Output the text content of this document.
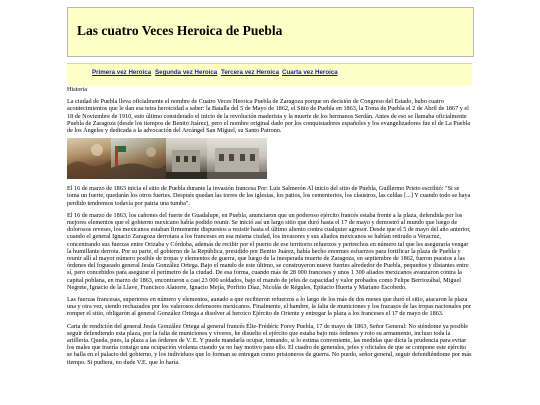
Las cuatro Veces Heroica de Puebla
Primera vez Heroica Segunda vez Heroica Tercera vez Heroica Cuarta vez Heroica

Historia

La ciudad de Puebla lleva oficialmente el nombre de Cuatro Veces Heroica Puebla de Zaragoza porque en decisión de Congreso del Estado, hubo cuatro acontecimientos que le dan esa tetra heroicidad a saber: la Batalla del 5 de Mayo de 1862, el Sitio de Puebla en 1863, la Toma de Puebla el 2 de Abril de 1867 y el 18 de Noviembre de 1910, esto último considerado el inicio de la revolución maderista y la muerte de los hermanos Serdán. Antes de eso se llamaba oficialmente Puebla de Zaragoza (desde los tiempos de Benito Juárez), pero el nombre original dado por los conquistadores españoles y los evangelizadores fue el de La Puebla de los Ángeles y dedicada a la advocación del Arcángel San Miguel, su Santo Patrono.

El 16 de marzo de 1863 inicia el sitio de Puebla durante la invasión francesa Por: Luis Salmerón Al inicio del sitio de Puebla, Guillermo Prieto escribió: "Si se toma un fuerte, quedarán los otros fuertes. Después quedan las torres de las iglesias, los patios, los cementerios, los claustros, las celdas [...] Y cuando todo se haya perdido tendremos todavía por patria una tumba".

El 16 de marzo de 1863, los cañones del fuerte de Guadalupe, en Puebla, anunciaron que un poderoso ejército francés estaba frente a la plaza, defendida por los mejores elementos que el gobierno mexicano había podido reunir. Se inició así un largo sitio que duró hasta el 17 de mayo y demostró al mundo que luego de dolorosos reveses, los mexicanos estaban firmemente dispuestos a resistir hasta el último aliento contra cualquier agresor. Desde que el 5 de mayo del año anterior, cuando el general Ignacio Zaragoza derrotara a los franceses en esa misma ciudad, los invasores y sus aliados mexicanos se habían retirado a Veracruz, concentrando sus fuerzas entre Orizaba y Córdoba, además de recibir por el puerto de ese territorio refuerzos y pertrechos en número tal que les aseguraría vengar la humillante derrota. Por su parte, el gobierno de la República, presidido por Benito Juárez, había hecho enormes esfuerzos para fortificar la plaza de Puebla y reunir allí al mayor número posible de tropas y elementos de guerra, que luego de la inesperada muerte de Zaragoza, en septiembre de 1862, fueron puestos a las órdenes del fogueado general Jesús González Ortega. Bajo el mando de este último, se construyeron nueve fuertes alrededor de Puebla, pequeños y distantes entre sí, pero concebidos para asegurar el perímetro de la ciudad. De esa forma, cuando más de 28 000 franceses y unos 1 300 aliados mexicanos avanzaron contra la capital poblana, en marzo de 1863, encontraron a casi 23 000 soldados, bajo el mando de jefes de capacidad y valor probados como Felipe Berriozábal, Miguel Negrete, Ignacio de la Llave, Francisco Alatorre, Ignacio Mejía, Porfirio Díaz, Nicolás de Régules, Epitacio Huerta y Mariano Escobedo.

Las fuerzas francesas, superiores en número y elementos, aunado a que recibieron refuerzos a lo largo de los más de dos meses que duró el sitio, atacaron la plaza una y otra vez, siendo rechazados por los valerosos defensores mexicanos. Finalmente, el hambre, la falta de municiones y los fracasos de las tropas nacionales por romper el sitio, obligaron al general González Ortega a disolver al heroico Ejército de Oriente y entregar la plaza a los franceses el 17 de mayo de 1863.

Carta de rendición del general Jesús González Ortega al general francés Élie-Frédéric Forey Puebla, 17 de mayo de 1863, Señor General: No siéndome ya posible seguir defendiendo esta plaza, por la falta de municiones y víveres, he disuelto el ejército que estaba bajo mis órdenes y roto su armamento, incluso toda la artillería. Queda, pues, la plaza a las órdenes de V. E. Y puede mandarla ocupar, tomando, si lo estima conveniente, las medidas que dicta la prudencia para evitar los males que traería consigo una ocupación violenta cuando ya no hay motivo para ello. El cuadro de generales, jefes y oficiales de que se compone este ejército se halla en el palacio del gobierno, y los individuos que lo forman se entregan como prisioneros de guerra. No puedo, señor general, seguir defendiéndome por más tiempo. Si pudiera, no dude V.E. que lo haría.
